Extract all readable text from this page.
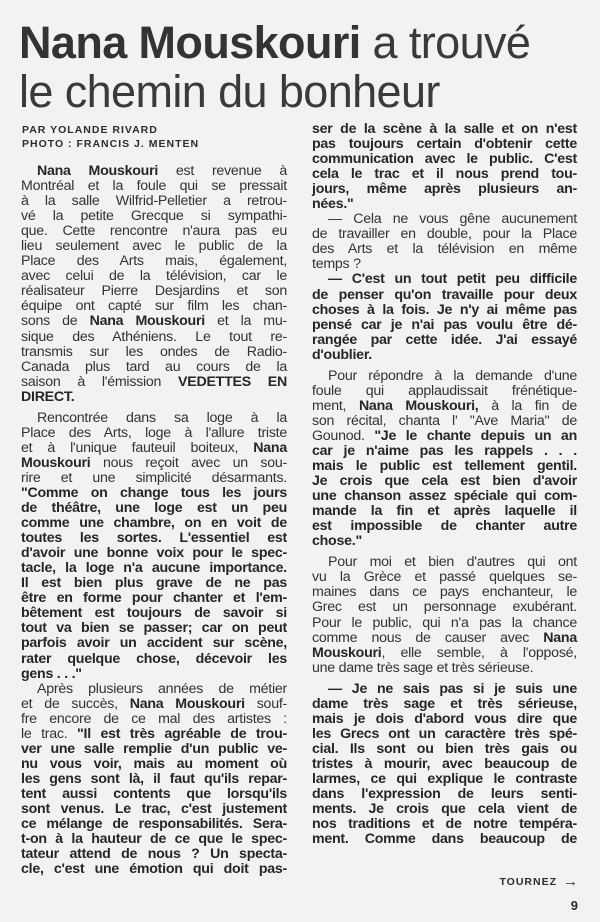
Nana Mouskouri a trouvé
le chemin du bonheur
PAR YOLANDE RIVARD
PHOTO : FRANCIS J. MENTEN
Nana Mouskouri est revenue à
Montréal et la foule qui se pressait
à la salle Wilfrid-Pelletier a retrou-
vé la petite Grecque si sympathi-
que. Cette rencontre n'aura pas eu
lieu seulement avec le public de la
Place des Arts mais, également,
avec celui de la télévision, car le
réalisateur Pierre Desjardins et son
équipe ont capté sur film les chan-
sons de Nana Mouskouri et la mu-
sique des Athéniens. Le tout re-
transmis sur les ondes de Radio-
Canada plus tard au cours de la
saison à l'émission VEDETTES EN
DIRECT.
Rencontrée dans sa loge à la
Place des Arts, loge à l'allure triste
et à l'unique fauteuil boiteux, Nana
Mouskouri nous reçoit avec un sou-
rire et une simplicité désarmants.
"Comme on change tous les jours
de théâtre, une loge est un peu
comme une chambre, on en voit de
toutes les sortes. L'essentiel est
d'avoir une bonne voix pour le spec-
tacle, la loge n'a aucune importance.
Il est bien plus grave de ne pas
être en forme pour chanter et l'em-
bêtement est toujours de savoir si
tout va bien se passer; car on peut
parfois avoir un accident sur scène,
rater quelque chose, décevoir les
gens . . ."
Après plusieurs années de métier
et de succès, Nana Mouskouri souf-
fre encore de ce mal des artistes :
le trac. "Il est très agréable de trou-
ver une salle remplie d'un public ve-
nu vous voir, mais au moment où
les gens sont là, il faut qu'ils repar-
tent aussi contents que lorsqu'ils
sont venus. Le trac, c'est justement
ce mélange de responsabilités. Sera-
t-on à la hauteur de ce que le spec-
tateur attend de nous ? Un specta-
cle, c'est une émotion qui doit pas-
ser de la scène à la salle et on n'est
pas toujours certain d'obtenir cette
communication avec le public. C'est
cela le trac et il nous prend tou-
jours, même après plusieurs an-
nées."
— Cela ne vous gêne aucunement
de travailler en double, pour la Place
des Arts et la télévision en même
temps ?
— C'est un tout petit peu difficile
de penser qu'on travaille pour deux
choses à la fois. Je n'y ai même pas
pensé car je n'ai pas voulu être dé-
rangée par cette idée. J'ai essayé
d'oublier.
Pour répondre à la demande d'une
foule qui applaudissait frénétique-
ment, Nana Mouskouri, à la fin de
son récital, chanta l' "Ave Maria" de
Gounod. "Je le chante depuis un an
car je n'aime pas les rappels . . .
mais le public est tellement gentil.
Je crois que cela est bien d'avoir
une chanson assez spéciale qui com-
mande la fin et après laquelle il
est impossible de chanter autre
chose."
Pour moi et bien d'autres qui ont
vu la Grèce et passé quelques se-
maines dans ce pays enchanteur, le
Grec est un personnage exubérant.
Pour le public, qui n'a pas la chance
comme nous de causer avec Nana
Mouskouri, elle semble, à l'opposé,
une dame très sage et très sérieuse.
— Je ne sais pas si je suis une
dame très sage et très sérieuse,
mais je dois d'abord vous dire que
les Grecs ont un caractère très spé-
cial. Ils sont ou bien très gais ou
tristes à mourir, avec beaucoup de
larmes, ce qui explique le contraste
dans l'expression de leurs senti-
ments. Je crois que cela vient de
nos traditions et de notre tempéra-
ment. Comme dans beaucoup de
TOURNEZ →
9
